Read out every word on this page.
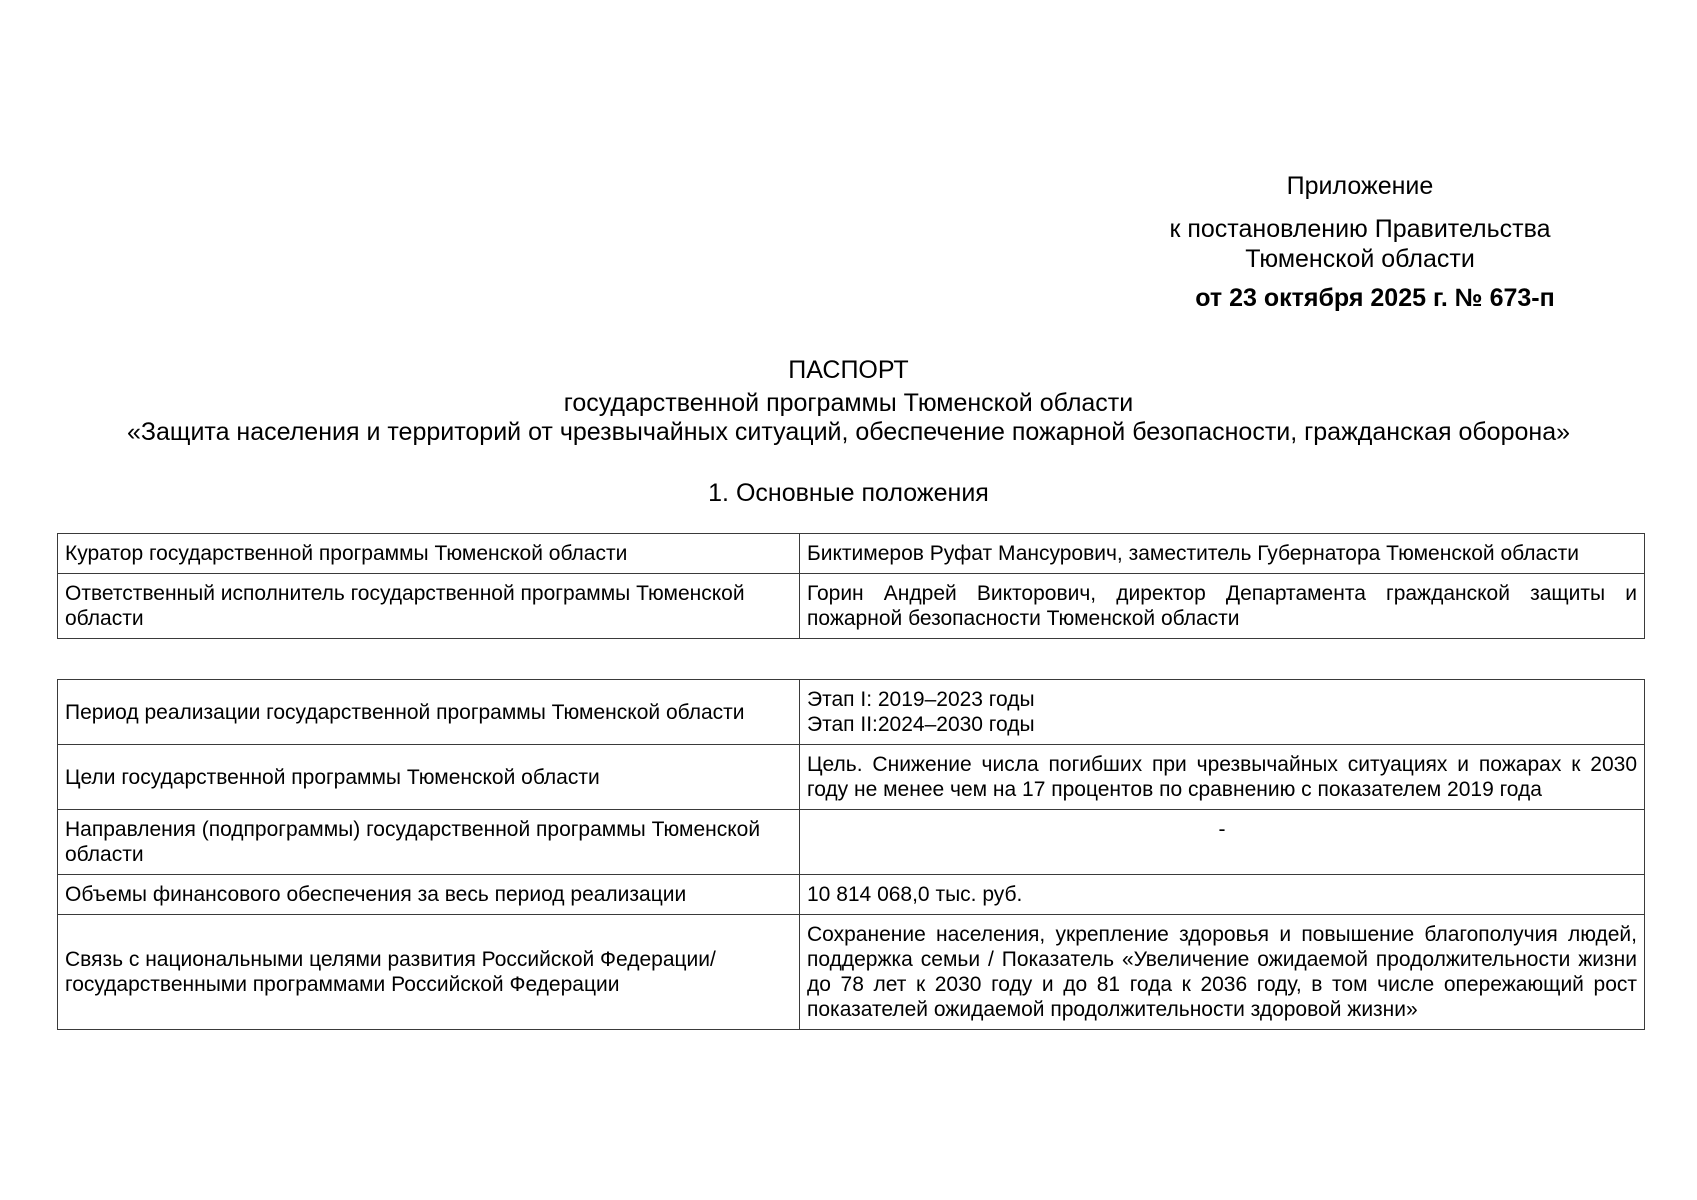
Приложение
к постановлению Правительства
Тюменской области
от 23 октября 2025 г. № 673-п
ПАСПОРТ
государственной программы Тюменской области
«Защита населения и территорий от чрезвычайных ситуаций, обеспечение пожарной безопасности, гражданская оборона»
1. Основные положения
Куратор государственной программы Тюменской области	Биктимеров Руфат Мансурович, заместитель Губернатора Тюменской области
Ответственный исполнитель государственной программы Тюменской области	Горин Андрей Викторович, директор Департамента гражданской защиты и пожарной безопасности Тюменской области
Период реализации государственной программы Тюменской области	Этап I: 2019–2023 годы
Этап II:2024–2030 годы

Цели государственной программы Тюменской области	Цель. Снижение числа погибших при чрезвычайных ситуациях и пожарах к 2030 году не менее чем на 17 процентов по сравнению с показателем 2019 года
Направления (подпрограммы) государственной программы Тюменской области	-
Объемы финансового обеспечения за весь период реализации	10 814 068,0 тыс. руб.
Связь с национальными целями развития Российской Федерации/ государственными программами Российской Федерации	Сохранение населения, укрепление здоровья и повышение благополучия людей, поддержка семьи / Показатель «Увеличение ожидаемой продолжительности жизни до 78 лет к 2030 году и до 81 года к 2036 году, в том числе опережающий рост показателей ожидаемой продолжительности здоровой жизни»
